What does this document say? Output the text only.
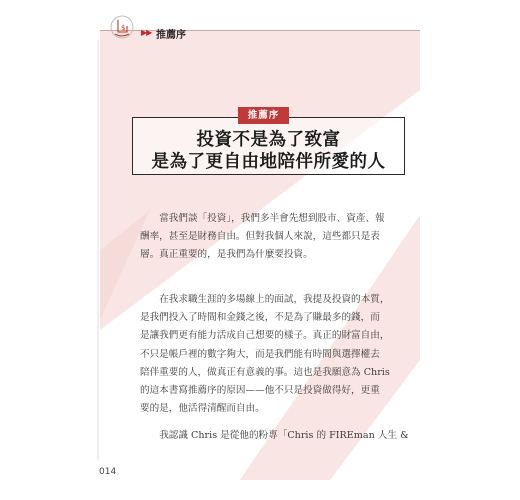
$ ▶▶ 推薦序
推薦序
投資不是為了致富
是為了更自由地陪伴所愛的人

當我們談「投資」，我們多半會先想到股市、資產、報
酬率，甚至是財務自由。但對我個人來說，這些都只是表
層。真正重要的，是我們為什麼要投資。

在我求職生涯的多場線上的面試，我提及投資的本質，
是我們投入了時間和金錢之後，不是為了賺最多的錢，而
是讓我們更有能力活成自己想要的樣子。真正的財富自由，
不只是帳戶裡的數字夠大，而是我們能有時間與選擇權去
陪伴重要的人，做真正有意義的事。這也是我願意為 Chris
的這本書寫推薦序的原因——他不只是投資做得好，更重
要的是，他活得清醒而自由。

我認識 Chris 是從他的粉專「Chris 的 FIREman 人生 &

014
